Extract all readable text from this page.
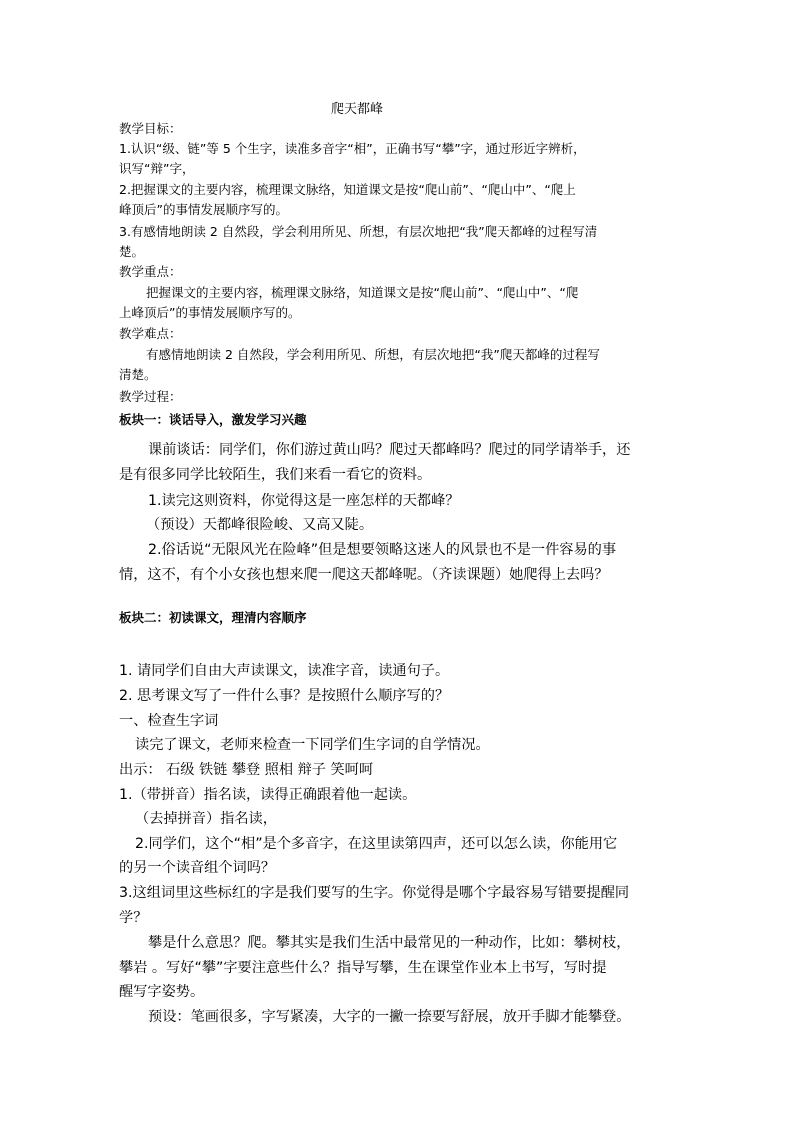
爬天都峰
教学目标：
1.认识“级、链”等 5 个生字，读准多音字“相”，正确书写“攀”字，通过形近字辨析，
识写“辩”字，
2.把握课文的主要内容，梳理课文脉络，知道课文是按“爬山前”、“爬山中”、“爬上
峰顶后”的事情发展顺序写的。
3.有感情地朗读 2 自然段，学会利用所见、所想，有层次地把“我”爬天都峰的过程写清
楚。
教学重点：
把握课文的主要内容，梳理课文脉络，知道课文是按“爬山前”、“爬山中”、“爬
上峰顶后”的事情发展顺序写的。
教学难点：
有感情地朗读 2 自然段，学会利用所见、所想，有层次地把“我”爬天都峰的过程写
清楚。
教学过程：
板块一：谈话导入，激发学习兴趣
课前谈话：同学们，你们游过黄山吗？爬过天都峰吗？爬过的同学请举手，还
是有很多同学比较陌生，我们来看一看它的资料。
1.读完这则资料，你觉得这是一座怎样的天都峰？
（预设）天都峰很险峻、又高又陡。
2.俗话说“无限风光在险峰”但是想要领略这迷人的风景也不是一件容易的事
情，这不，有个小女孩也想来爬一爬这天都峰呢。（齐读课题）她爬得上去吗？
板块二：初读课文，理清内容顺序
1. 请同学们自由大声读课文，读准字音，读通句子。
2. 思考课文写了一件什么事？是按照什么顺序写的？
一、检查生字词
读完了课文，老师来检查一下同学们生字词的自学情况。
出示： 石级 铁链 攀登 照相 辩子 笑呵呵
1.（带拼音）指名读，读得正确跟着他一起读。
（去掉拼音）指名读，
2.同学们，这个“相”是个多音字，在这里读第四声，还可以怎么读，你能用它
的另一个读音组个词吗？
3.这组词里这些标红的字是我们要写的生字。你觉得是哪个字最容易写错要提醒同
学？
攀是什么意思？爬。攀其实是我们生活中最常见的一种动作，比如：攀树枝，
攀岩 。写好“攀”字要注意些什么？指导写攀，生在课堂作业本上书写，写时提
醒写字姿势。
预设：笔画很多，字写紧凑，大字的一撇一捺要写舒展，放开手脚才能攀登。
